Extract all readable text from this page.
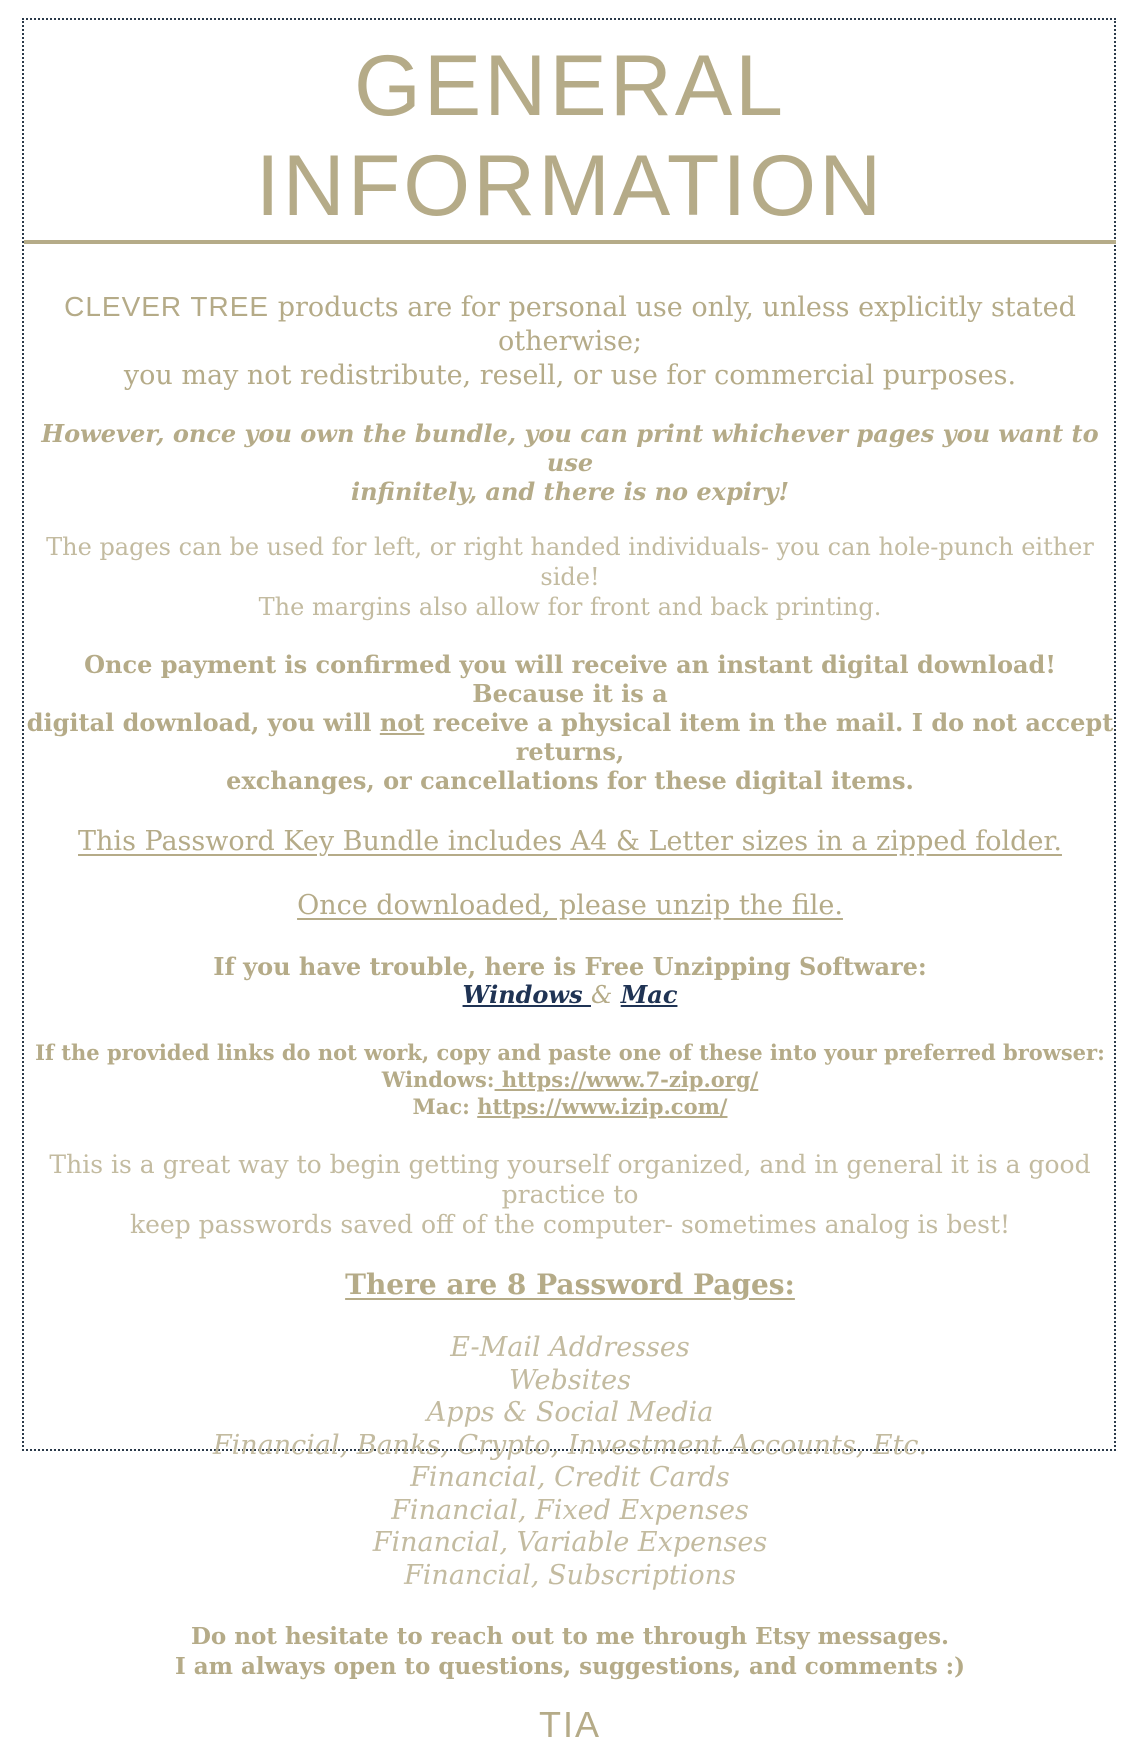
GENERAL INFORMATION

CLEVER TREE products are for personal use only, unless explicitly stated otherwise;
you may not redistribute, resell, or use for commercial purposes.

However, once you own the bundle, you can print whichever pages you want to use
infinitely, and there is no expiry!

The pages can be used for left, or right handed individuals- you can hole-punch either side!
The margins also allow for front and back printing.

Once payment is confirmed you will receive an instant digital download! Because it is a
digital download, you will not receive a physical item in the mail. I do not accept returns,
exchanges, or cancellations for these digital items.

This Password Key Bundle includes A4 & Letter sizes in a zipped folder.

Once downloaded, please unzip the file.

If you have trouble, here is Free Unzipping Software:
Windows & Mac

If the provided links do not work, copy and paste one of these into your preferred browser:
Windows: https://www.7-zip.org/
Mac: https://www.izip.com/

This is a great way to begin getting yourself organized, and in general it is a good practice to
keep passwords saved off of the computer- sometimes analog is best!

There are 8 Password Pages:

E-Mail Addresses
Websites
Apps & Social Media
Financial, Banks, Crypto, Investment Accounts, Etc.
Financial, Credit Cards
Financial, Fixed Expenses
Financial, Variable Expenses
Financial, Subscriptions

Do not hesitate to reach out to me through Etsy messages.
I am always open to questions, suggestions, and comments :)

TIA
